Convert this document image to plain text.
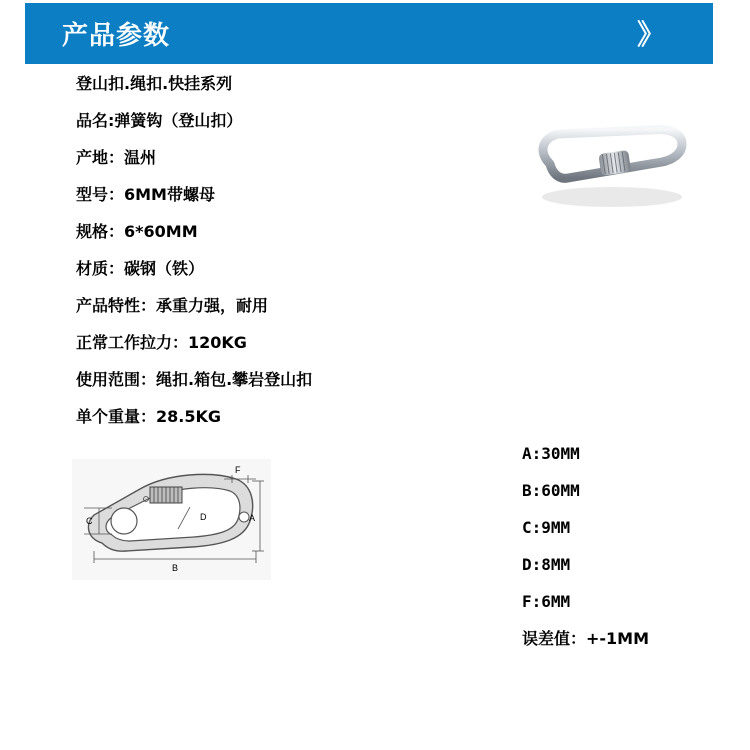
产品参数	》
登山扣.绳扣.快挂系列
品名:弹簧钩（登山扣）
产地：温州
型号：6MM带螺母
规格：6*60MM
材质：碳钢（铁）
产品特性：承重力强，耐用
正常工作拉力：120KG
使用范围：绳扣.箱包.攀岩登山扣
单个重量：28.5KG
D
F
A
C
B
A:30MM
B:60MM
C:9MM
D:8MM
F:6MM
误差值：+-1MM
